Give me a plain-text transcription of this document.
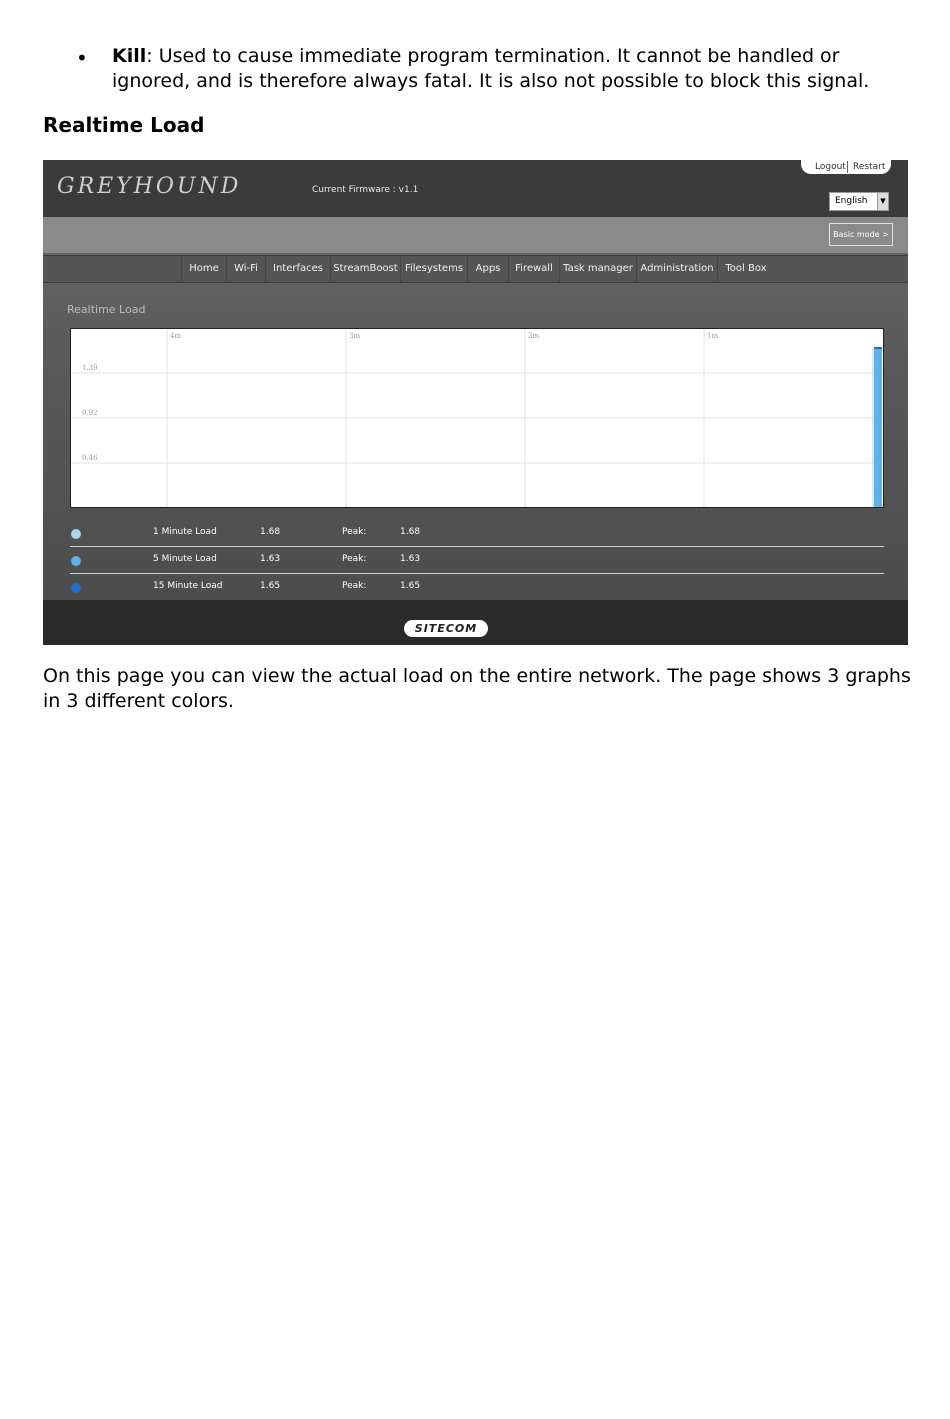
• Kill: Used to cause immediate program termination. It cannot be handled or ignored, and is therefore always fatal. It is also not possible to block this signal.
Realtime Load
GREYHOUND	Current Firmware : v1.1
Logout Restart
English	▼
Basic mode >
Home	Wi-Fi	Interfaces	StreamBoost Filesystems	Apps	Firewall	Task manager Administration	Tool Box
Realtime Load
4m	3m	2m	1m
1.39
0.92
0.46
1 Minute Load	1.68	Peak:	1.68
5 Minute Load	1.63	Peak:	1.63
15 Minute Load	1.65	Peak:	1.65
SITECOM
On this page you can view the actual load on the entire network. The page shows 3 graphs in 3 different colors.
